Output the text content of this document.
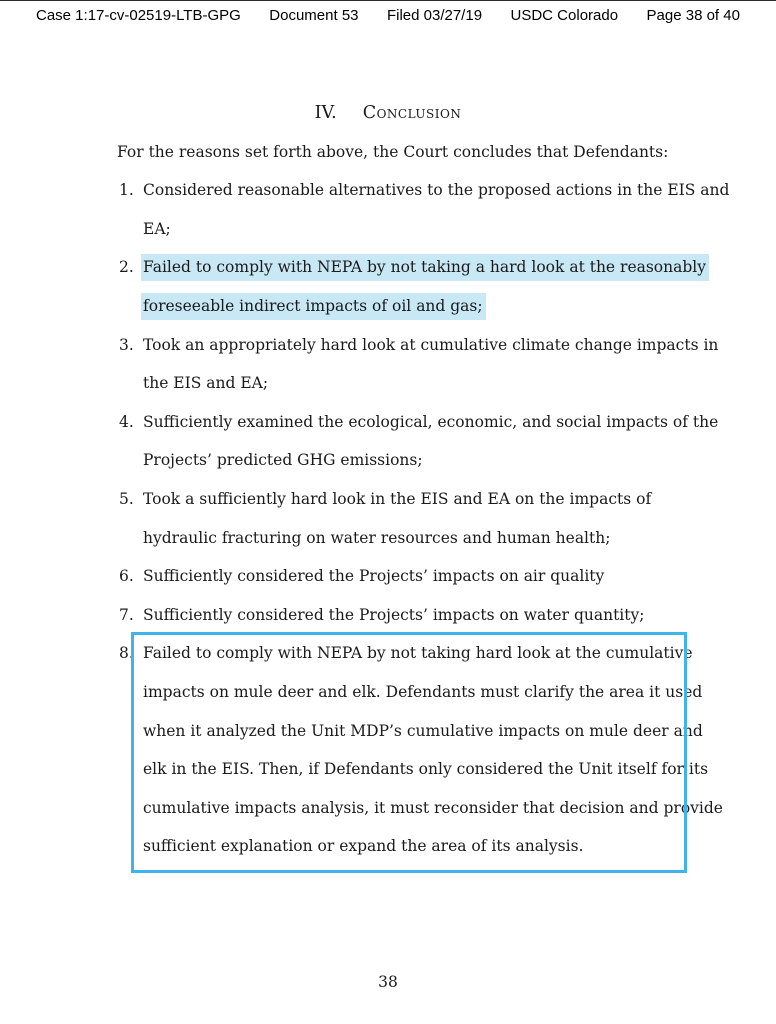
Case 1:17-cv-02519-LTB-GPG Document 53 Filed 03/27/19 USDC Colorado Page 38 of 40
IV. Conclusion
For the reasons set forth above, the Court concludes that Defendants:
1. Considered reasonable alternatives to the proposed actions in the EIS and
EA;
2. Failed to comply with NEPA by not taking a hard look at the reasonably
foreseeable indirect impacts of oil and gas;
3. Took an appropriately hard look at cumulative climate change impacts in
the EIS and EA;
4. Sufficiently examined the ecological, economic, and social impacts of the
Projects’ predicted GHG emissions;
5. Took a sufficiently hard look in the EIS and EA on the impacts of
hydraulic fracturing on water resources and human health;
6. Sufficiently considered the Projects’ impacts on air quality
7. Sufficiently considered the Projects’ impacts on water quantity;
8. Failed to comply with NEPA by not taking hard look at the cumulative
impacts on mule deer and elk. Defendants must clarify the area it used
when it analyzed the Unit MDP’s cumulative impacts on mule deer and
elk in the EIS. Then, if Defendants only considered the Unit itself for its
cumulative impacts analysis, it must reconsider that decision and provide
sufficient explanation or expand the area of its analysis.
38
